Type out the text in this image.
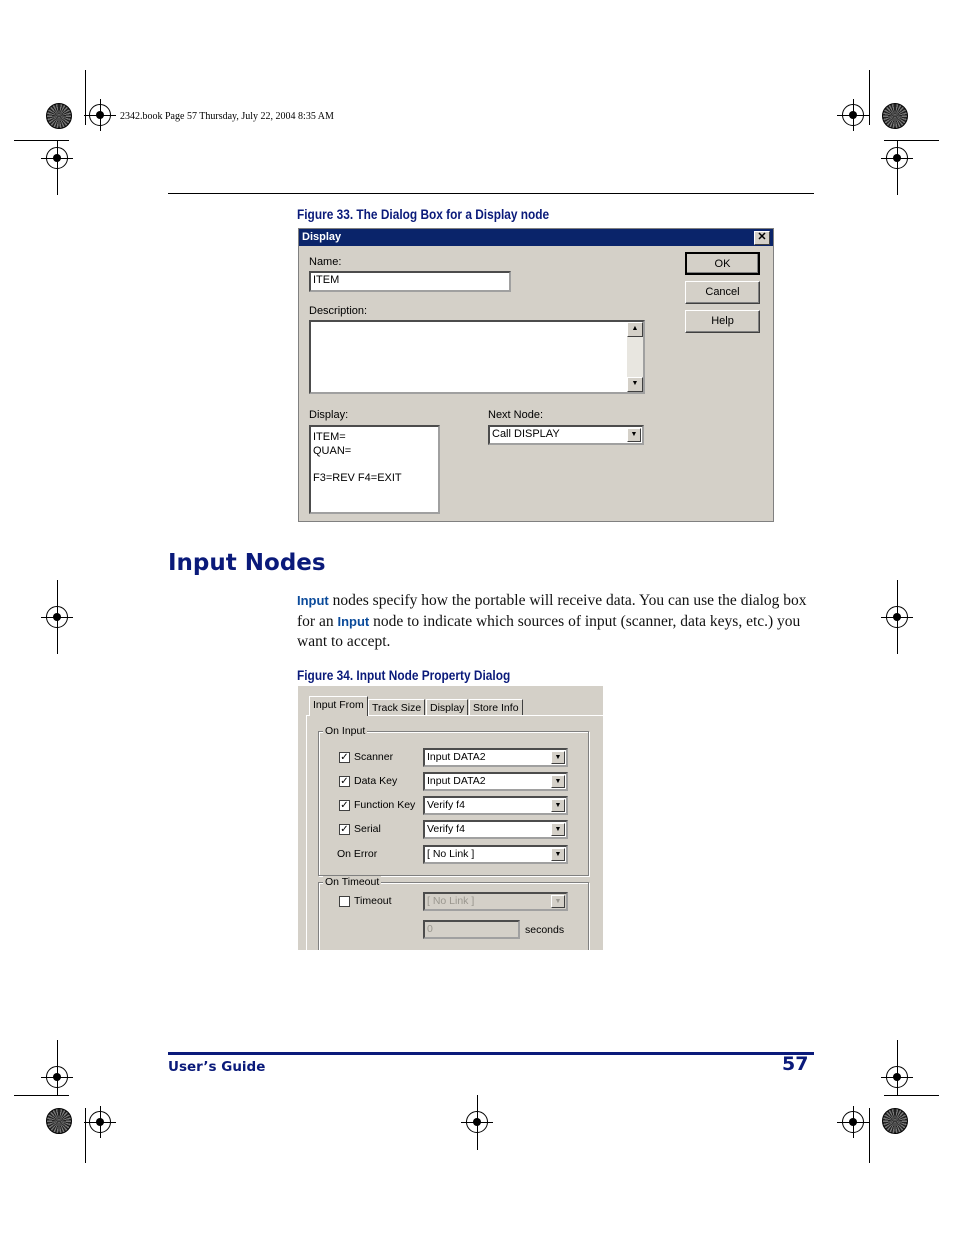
2342.book Page 57 Thursday, July 22, 2004 8:35 AM
Figure 33. The Dialog Box for a Display node
Display	✕
Name:
ITEM
Description:
▲
▼
Display:
ITEM=
QUAN=
F3=REV F4=EXIT
Next Node:
Call DISPLAY	▼
OK
Cancel
Help
Input Nodes
Input nodes specify how the portable will receive data. You can use the dialog box for an Input node to indicate which sources of input (scanner, data keys, etc.) you want to accept.
Figure 34. Input Node Property Dialog
Input From Track Size Display Store Info
On Input
✓ Scanner	Input DATA2	▼
✓ Data Key	Input DATA2	▼
✓ Function Key	Verify f4	▼
✓ Serial	Verify f4	▼
On Error	[ No Link ]	▼
On Timeout
Timeout	[ No Link ]	▼
0	seconds
User’s Guide	57
